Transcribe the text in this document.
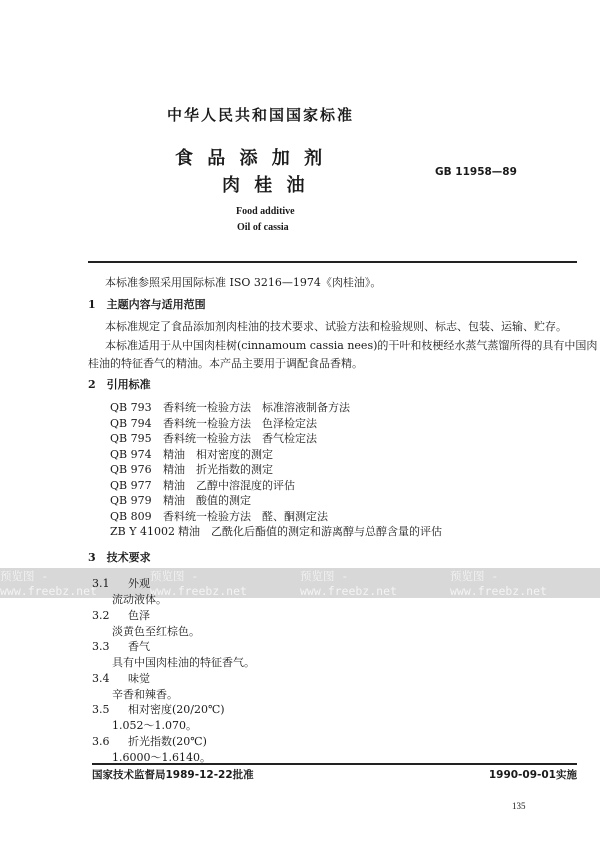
中华人民共和国国家标准
食 品 添 加 剂
肉 桂 油
GB 11958—89
Food additive
Oil of cassia
本标准参照采用国际标准 ISO 3216—1974《肉桂油》。
1　主题内容与适用范围
本标准规定了食品添加剂肉桂油的技术要求、试验方法和检验规则、标志、包装、运输、贮存。
本标准适用于从中国肉桂树(cinnamoum cassia nees)的干叶和枝梗经水蒸气蒸馏所得的具有中国肉
桂油的特征香气的精油。本产品主要用于调配食品香精。
2　引用标准
QB 793 香料统一检验方法　标准溶液制备方法
QB 794 香料统一检验方法　色泽检定法
QB 795 香料统一检验方法　香气检定法
QB 974 精油　相对密度的测定
QB 976 精油　折光指数的测定
QB 977 精油　乙醇中溶混度的评估
QB 979 精油　酸值的测定
QB 809 香料统一检验方法　醛、酮测定法
ZB Y 41002 精油　乙酰化后酯值的测定和游离醇与总醇含量的评估
3　技术要求
3.1 外观
流动液体。
3.2 色泽
淡黄色至红棕色。
3.3 香气
具有中国肉桂油的特征香气。
3.4 味觉
辛香和辣香。
3.5 相对密度(20/20℃)
1.052～1.070。
3.6 折光指数(20℃)
1.6000～1.6140。
预览图 - www.freebz.net
预览图 - www.freebz.net
预览图 - www.freebz.net
预览图 - www.freebz.net
国家技术监督局1989-12-22批准	1990-09-01实施
135
